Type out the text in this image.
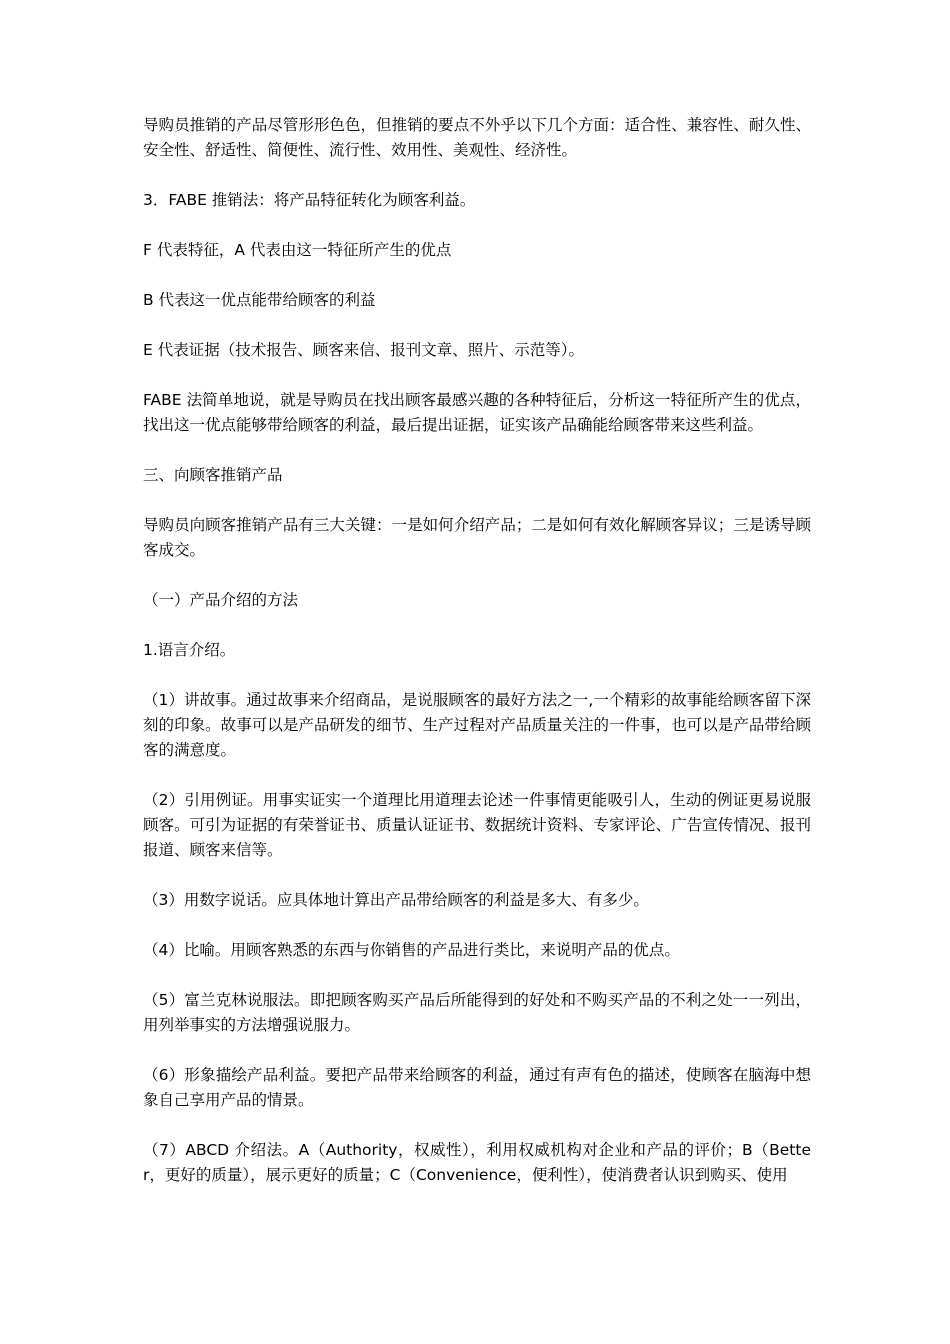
导购员推销的产品尽管形形色色，但推销的要点不外乎以下几个方面：适合性、兼容性、耐久性、安全性、舒适性、简便性、流行性、效用性、美观性、经济性。

3．FABE 推销法：将产品特征转化为顾客利益。

F 代表特征，A 代表由这一特征所产生的优点

B 代表这一优点能带给顾客的利益

E 代表证据（技术报告、顾客来信、报刊文章、照片、示范等）。

FABE 法简单地说，就是导购员在找出顾客最感兴趣的各种特征后，分析这一特征所产生的优点，找出这一优点能够带给顾客的利益，最后提出证据，证实该产品确能给顾客带来这些利益。

三、向顾客推销产品

导购员向顾客推销产品有三大关键：一是如何介绍产品；二是如何有效化解顾客异议；三是诱导顾客成交。

（一）产品介绍的方法

1.语言介绍。

（1）讲故事。通过故事来介绍商品，是说服顾客的最好方法之一,一个精彩的故事能给顾客留下深刻的印象。故事可以是产品研发的细节、生产过程对产品质量关注的一件事，也可以是产品带给顾客的满意度。

（2）引用例证。用事实证实一个道理比用道理去论述一件事情更能吸引人，生动的例证更易说服顾客。可引为证据的有荣誉证书、质量认证证书、数据统计资料、专家评论、广告宣传情况、报刊报道、顾客来信等。

（3）用数字说话。应具体地计算出产品带给顾客的利益是多大、有多少。

（4）比喻。用顾客熟悉的东西与你销售的产品进行类比，来说明产品的优点。

（5）富兰克林说服法。即把顾客购买产品后所能得到的好处和不购买产品的不利之处一一列出，用列举事实的方法增强说服力。

（6）形象描绘产品利益。要把产品带来给顾客的利益，通过有声有色的描述，使顾客在脑海中想象自己享用产品的情景。

（7）ABCD 介绍法。A（Authority，权威性），利用权威机构对企业和产品的评价；B（Better，更好的质量），展示更好的质量；C（Convenience，便利性），使消费者认识到购买、使用
